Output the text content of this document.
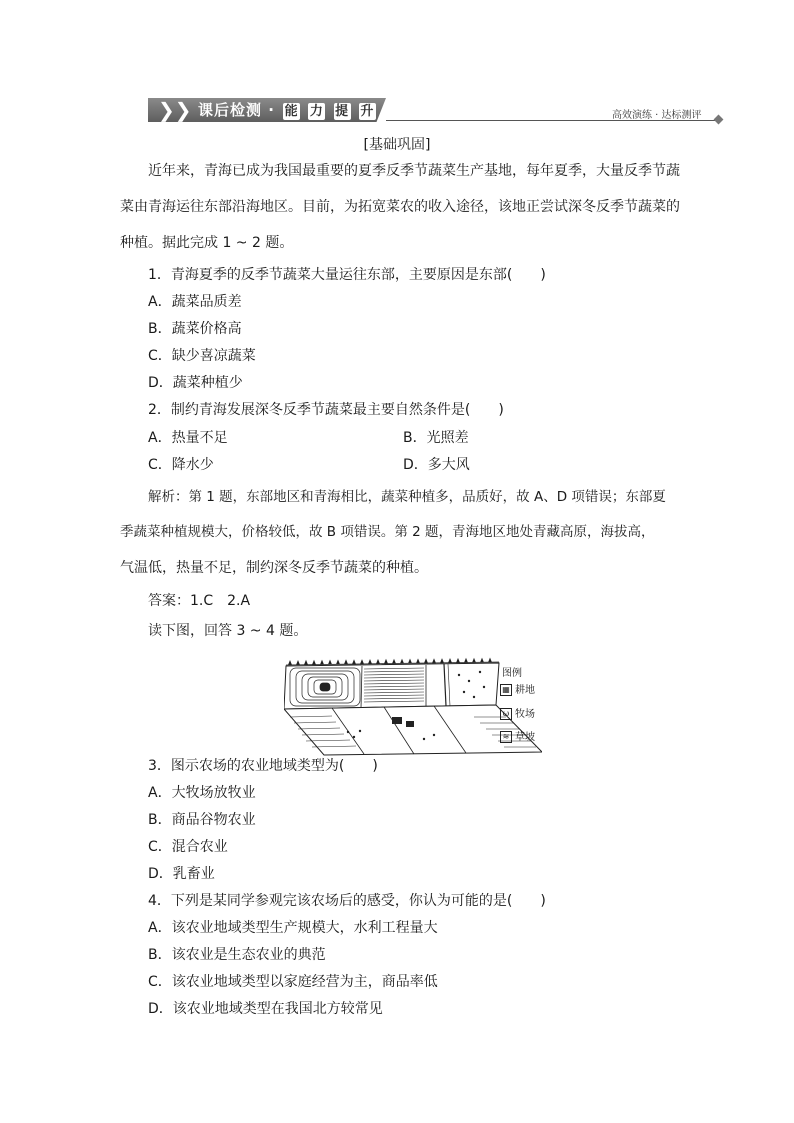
❯❯ 课后检测 · 能 力 提 升	高效演练 · 达标测评
[基础巩固]
近年来，青海已成为我国最重要的夏季反季节蔬菜生产基地，每年夏季，大量反季节蔬
菜由青海运往东部沿海地区。目前，为拓宽菜农的收入途径，该地正尝试深冬反季节蔬菜的
种植。据此完成 1 ~ 2 题。
1．青海夏季的反季节蔬菜大量运往东部，主要原因是东部(　　)
A．蔬菜品质差
B．蔬菜价格高
C．缺少喜凉蔬菜
D．蔬菜种植少
2．制约青海发展深冬反季节蔬菜最主要自然条件是(　　)
A．热量不足	B．光照差
C．降水少	D．多大风
解析：第 1 题，东部地区和青海相比，蔬菜种植多，品质好，故 A、D 项错误；东部夏
季蔬菜种植规模大，价格较低，故 B 项错误。第 2 题，青海地区地处青藏高原，海拔高，
气温低，热量不足，制约深冬反季节蔬菜的种植。
答案：1.C　2.A
读下图，回答 3 ~ 4 题。
图例
▦ 耕地
ω 牧场
≋ 草坡
3．图示农场的农业地域类型为(　　)
A．大牧场放牧业
B．商品谷物农业
C．混合农业
D．乳畜业
4．下列是某同学参观完该农场后的感受，你认为可能的是(　　)
A．该农业地域类型生产规模大，水利工程量大
B．该农业是生态农业的典范
C．该农业地域类型以家庭经营为主，商品率低
D．该农业地域类型在我国北方较常见
